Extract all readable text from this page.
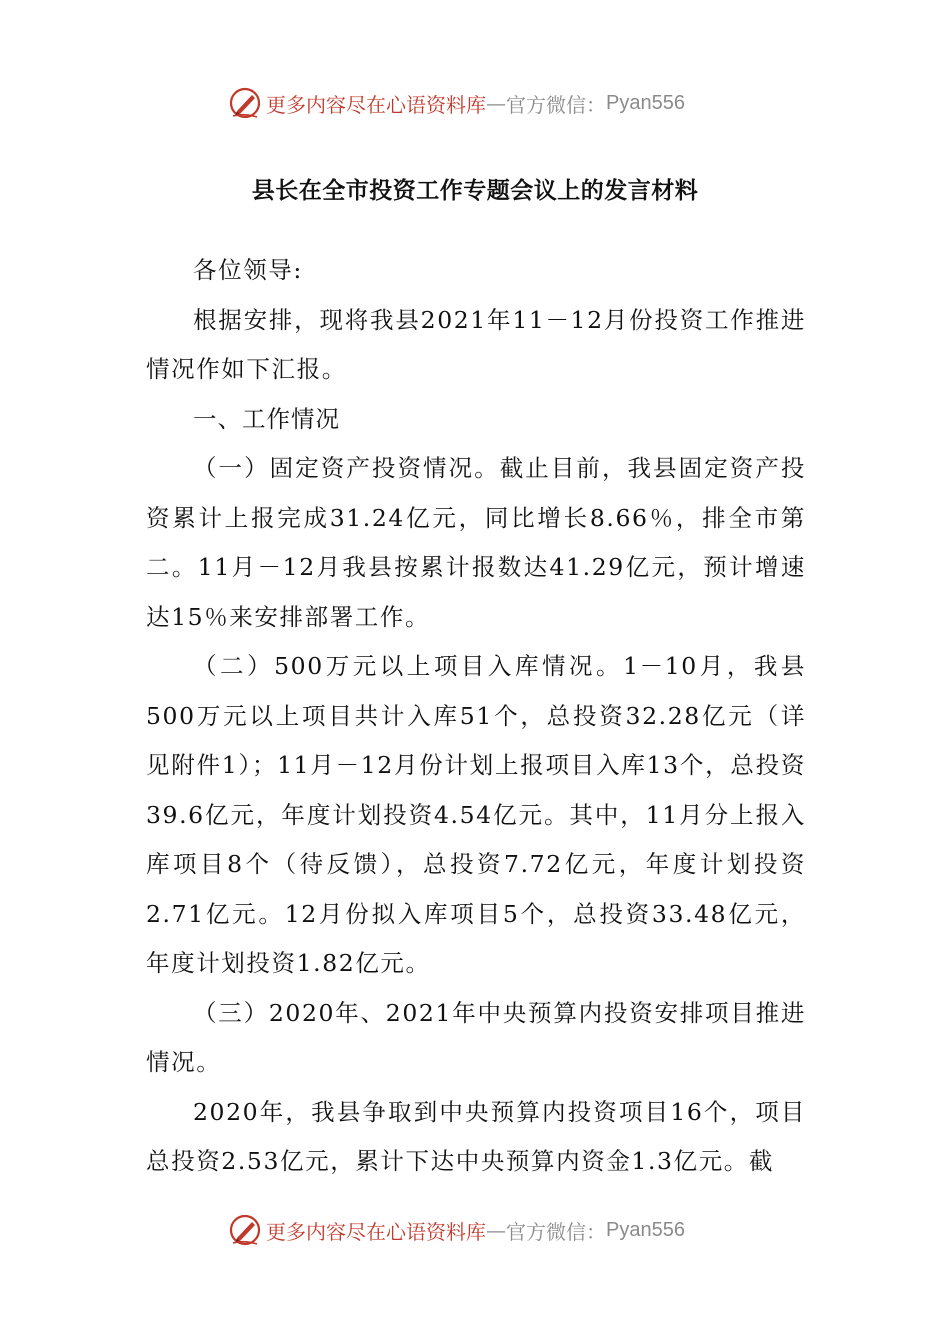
更多内容尽在心语资料库 — 官方微信： Pyan556
县长在全市投资工作专题会议上的发言材料

各位领导:

根据安排，现将我县2021年11－12月份投资工作推进情况作如下汇报。

一、工作情况

（一）固定资产投资情况。截止目前，我县固定资产投资累计上报完成31.24亿元，同比增长8.66％，排全市第二。11月－12月我县按累计报数达41.29亿元，预计增速达15％来安排部署工作。

（二）500万元以上项目入库情况。1－10月，我县500万元以上项目共计入库51个，总投资32.28亿元（详见附件1）；11月－12月份计划上报项目入库13个，总投资39.6亿元，年度计划投资4.54亿元。其中，11月分上报入库项目8个（待反馈），总投资7.72亿元，年度计划投资2.71亿元。12月份拟入库项目5个，总投资33.48亿元，年度计划投资1.82亿元。

（三）2020年、2021年中央预算内投资安排项目推进情况。

2020年，我县争取到中央预算内投资项目16个，项目总投资2.53亿元，累计下达中央预算内资金1.3亿元。截

更多内容尽在心语资料库 — 官方微信： Pyan556
